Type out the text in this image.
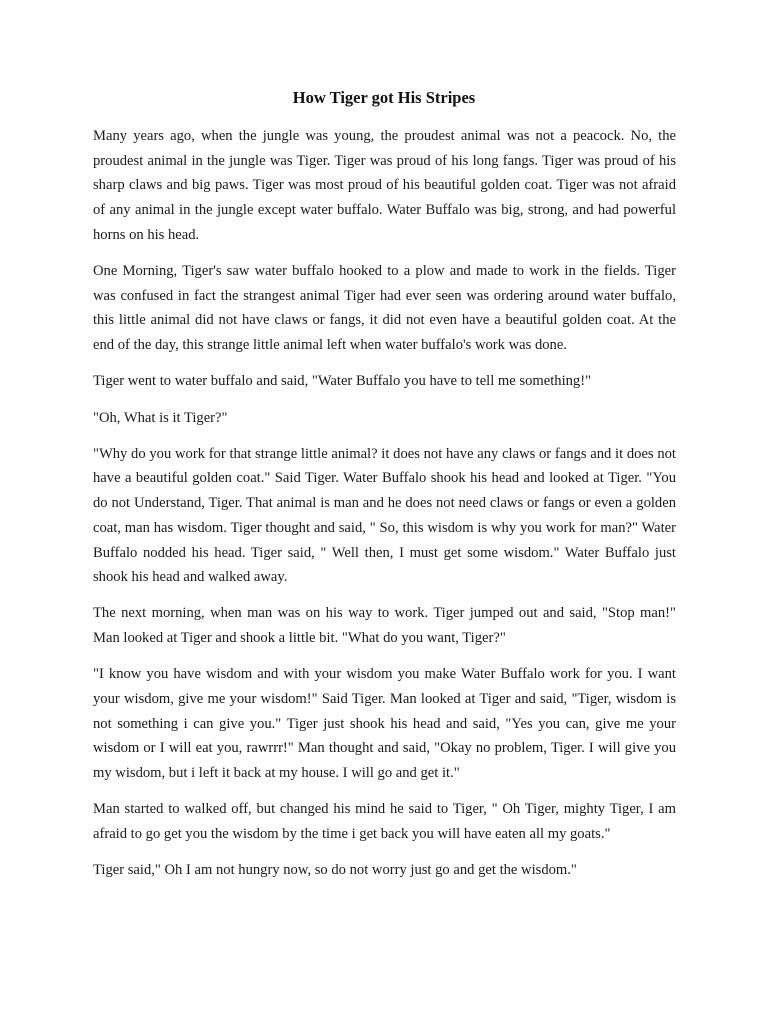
How Tiger got His Stripes

Many years ago, when the jungle was young, the proudest animal was not a peacock. No, the proudest animal in the jungle was Tiger. Tiger was proud of his long fangs. Tiger was proud of his sharp claws and big paws. Tiger was most proud of his beautiful golden coat. Tiger was not afraid of any animal in the jungle except water buffalo. Water Buffalo was big, strong, and had powerful horns on his head.

One Morning, Tiger's saw water buffalo hooked to a plow and made to work in the fields. Tiger was confused in fact the strangest animal Tiger had ever seen was ordering around water buffalo, this little animal did not have claws or fangs, it did not even have a beautiful golden coat. At the end of the day, this strange little animal left when water buffalo's work was done.

Tiger went to water buffalo and said, "Water Buffalo you have to tell me something!"

"Oh, What is it Tiger?"

"Why do you work for that strange little animal? it does not have any claws or fangs and it does not have a beautiful golden coat." Said Tiger. Water Buffalo shook his head and looked at Tiger. "You do not Understand, Tiger. That animal is man and he does not need claws or fangs or even a golden coat, man has wisdom. Tiger thought and said, " So, this wisdom is why you work for man?" Water Buffalo nodded his head. Tiger said, " Well then, I must get some wisdom." Water Buffalo just shook his head and walked away.

The next morning, when man was on his way to work. Tiger jumped out and said, "Stop man!" Man looked at Tiger and shook a little bit. "What do you want, Tiger?"

"I know you have wisdom and with your wisdom you make Water Buffalo work for you. I want your wisdom, give me your wisdom!" Said Tiger. Man looked at Tiger and said, "Tiger, wisdom is not something i can give you." Tiger just shook his head and said, "Yes you can, give me your wisdom or I will eat you, rawrrr!" Man thought and said, "Okay no problem, Tiger. I will give you my wisdom, but i left it back at my house. I will go and get it."

Man started to walked off, but changed his mind he said to Tiger, " Oh Tiger, mighty Tiger, I am afraid to go get you the wisdom by the time i get back you will have eaten all my goats."

Tiger said," Oh I am not hungry now, so do not worry just go and get the wisdom."
